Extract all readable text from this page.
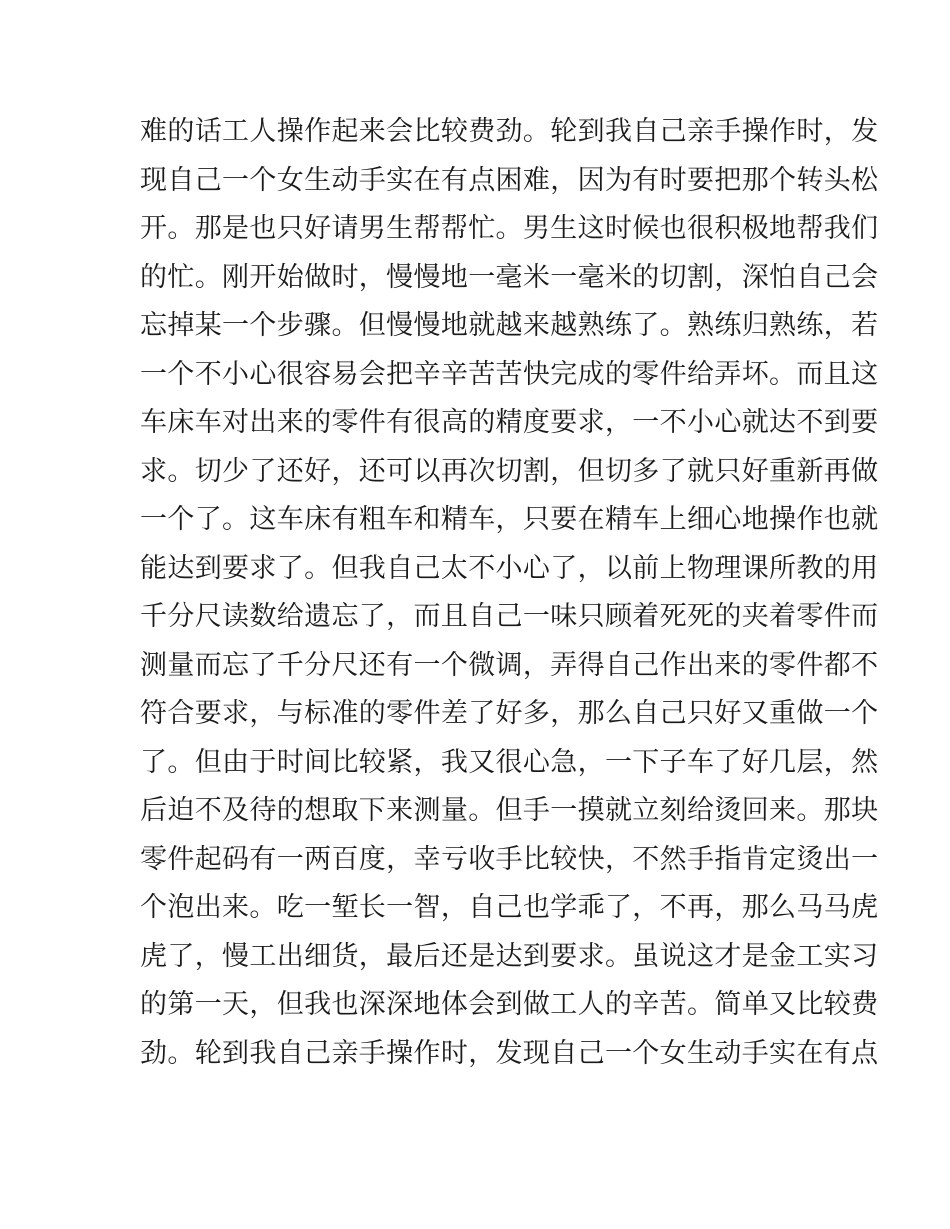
难的话工人操作起来会比较费劲。轮到我自己亲手操作时，发
现自己一个女生动手实在有点困难，因为有时要把那个转头松
开。那是也只好请男生帮帮忙。男生这时候也很积极地帮我们
的忙。刚开始做时，慢慢地一毫米一毫米的切割，深怕自己会
忘掉某一个步骤。但慢慢地就越来越熟练了。熟练归熟练，若
一个不小心很容易会把辛辛苦苦快完成的零件给弄坏。而且这
车床车对出来的零件有很高的精度要求，一不小心就达不到要
求。切少了还好，还可以再次切割，但切多了就只好重新再做
一个了。这车床有粗车和精车，只要在精车上细心地操作也就
能达到要求了。但我自己太不小心了，以前上物理课所教的用
千分尺读数给遗忘了，而且自己一味只顾着死死的夹着零件而
测量而忘了千分尺还有一个微调，弄得自己作出来的零件都不
符合要求，与标准的零件差了好多，那么自己只好又重做一个
了。但由于时间比较紧，我又很心急，一下子车了好几层，然
后迫不及待的想取下来测量。但手一摸就立刻给烫回来。那块
零件起码有一两百度，幸亏收手比较快，不然手指肯定烫出一
个泡出来。吃一堑长一智，自己也学乖了，不再，那么马马虎
虎了，慢工出细货，最后还是达到要求。虽说这才是金工实习
的第一天，但我也深深地体会到做工人的辛苦。简单又比较费
劲。轮到我自己亲手操作时，发现自己一个女生动手实在有点
